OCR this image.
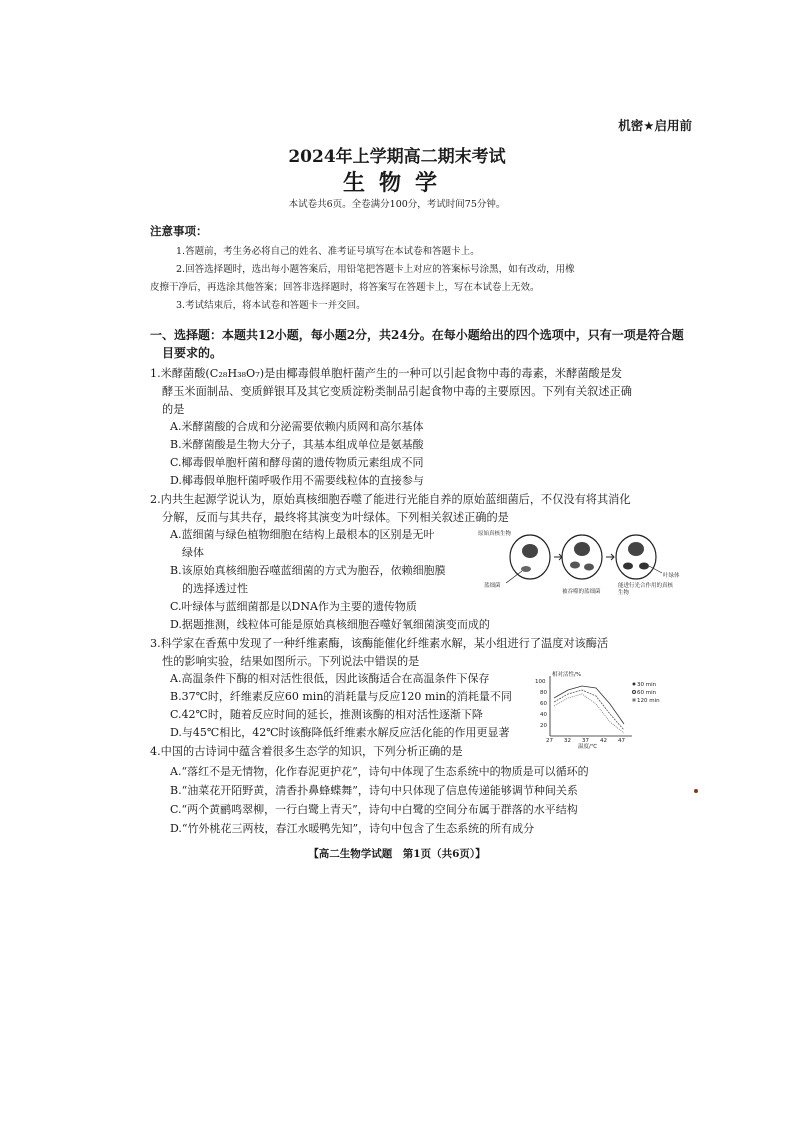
机密★启用前
2024年上学期高二期末考试
生物学
本试卷共6页。全卷满分100分，考试时间75分钟。
注意事项：
1.答题前，考生务必将自己的姓名、准考证号填写在本试卷和答题卡上。
2.回答选择题时，选出每小题答案后，用铅笔把答题卡上对应的答案标号涂黑，如有改动，用橡
皮擦干净后，再选涂其他答案；回答非选择题时，将答案写在答题卡上，写在本试卷上无效。
3.考试结束后，将本试卷和答题卡一并交回。
一、选择题：本题共12小题，每小题2分，共24分。在每小题给出的四个选项中，只有一项是符合题
目要求的。
1.米酵菌酸(C₂₈H₃₈O₇)是由椰毒假单胞杆菌产生的一种可以引起食物中毒的毒素，米酵菌酸是发
酵玉米面制品、变质鲜银耳及其它变质淀粉类制品引起食物中毒的主要原因。下列有关叙述正确
的是
A.米酵菌酸的合成和分泌需要依赖内质网和高尔基体
B.米酵菌酸是生物大分子，其基本组成单位是氨基酸
C.椰毒假单胞杆菌和酵母菌的遗传物质元素组成不同
D.椰毒假单胞杆菌呼吸作用不需要线粒体的直接参与
2.内共生起源学说认为，原始真核细胞吞噬了能进行光能自养的原始蓝细菌后，不仅没有将其消化
分解，反而与其共存，最终将其演变为叶绿体。下列相关叙述正确的是
A.蓝细菌与绿色植物细胞在结构上最根本的区别是无叶
绿体
B.该原始真核细胞吞噬蓝细菌的方式为胞吞，依赖细胞膜
的选择透过性
C.叶绿体与蓝细菌都是以DNA作为主要的遗传物质
D.据题推测，线粒体可能是原始真核细胞吞噬好氧细菌演变而成的
原始真核生物
蓝细菌
被吞噬的蓝细菌
叶绿体
能进行光合作用的真核生物
3.科学家在香蕉中发现了一种纤维素酶，该酶能催化纤维素水解，某小组进行了温度对该酶活
性的影响实验，结果如图所示。下列说法中错误的是
A.高温条件下酶的相对活性很低，因此该酶适合在高温条件下保存
B.37℃时，纤维素反应60 min的消耗量与反应120 min的消耗量不同
C.42℃时，随着反应时间的延长，推测该酶的相对活性逐渐下降
D.与45℃相比，42℃时该酶降低纤维素水解反应活化能的作用更显著
相对活性/%
温度/℃
27 32 37 42 47
20
40
60
80
100	30 min
60 min
120 min
4.中国的古诗词中蕴含着很多生态学的知识，下列分析正确的是
A.“落红不是无情物，化作春泥更护花”，诗句中体现了生态系统中的物质是可以循环的
B.“油菜花开陌野黄，清香扑鼻蜂蝶舞”，诗句中只体现了信息传递能够调节种间关系
C.“两个黄鹂鸣翠柳，一行白鹭上青天”，诗句中白鹭的空间分布属于群落的水平结构
D.“竹外桃花三两枝，春江水暖鸭先知”，诗句中包含了生态系统的所有成分
【高二生物学试题　第1页（共6页）】
